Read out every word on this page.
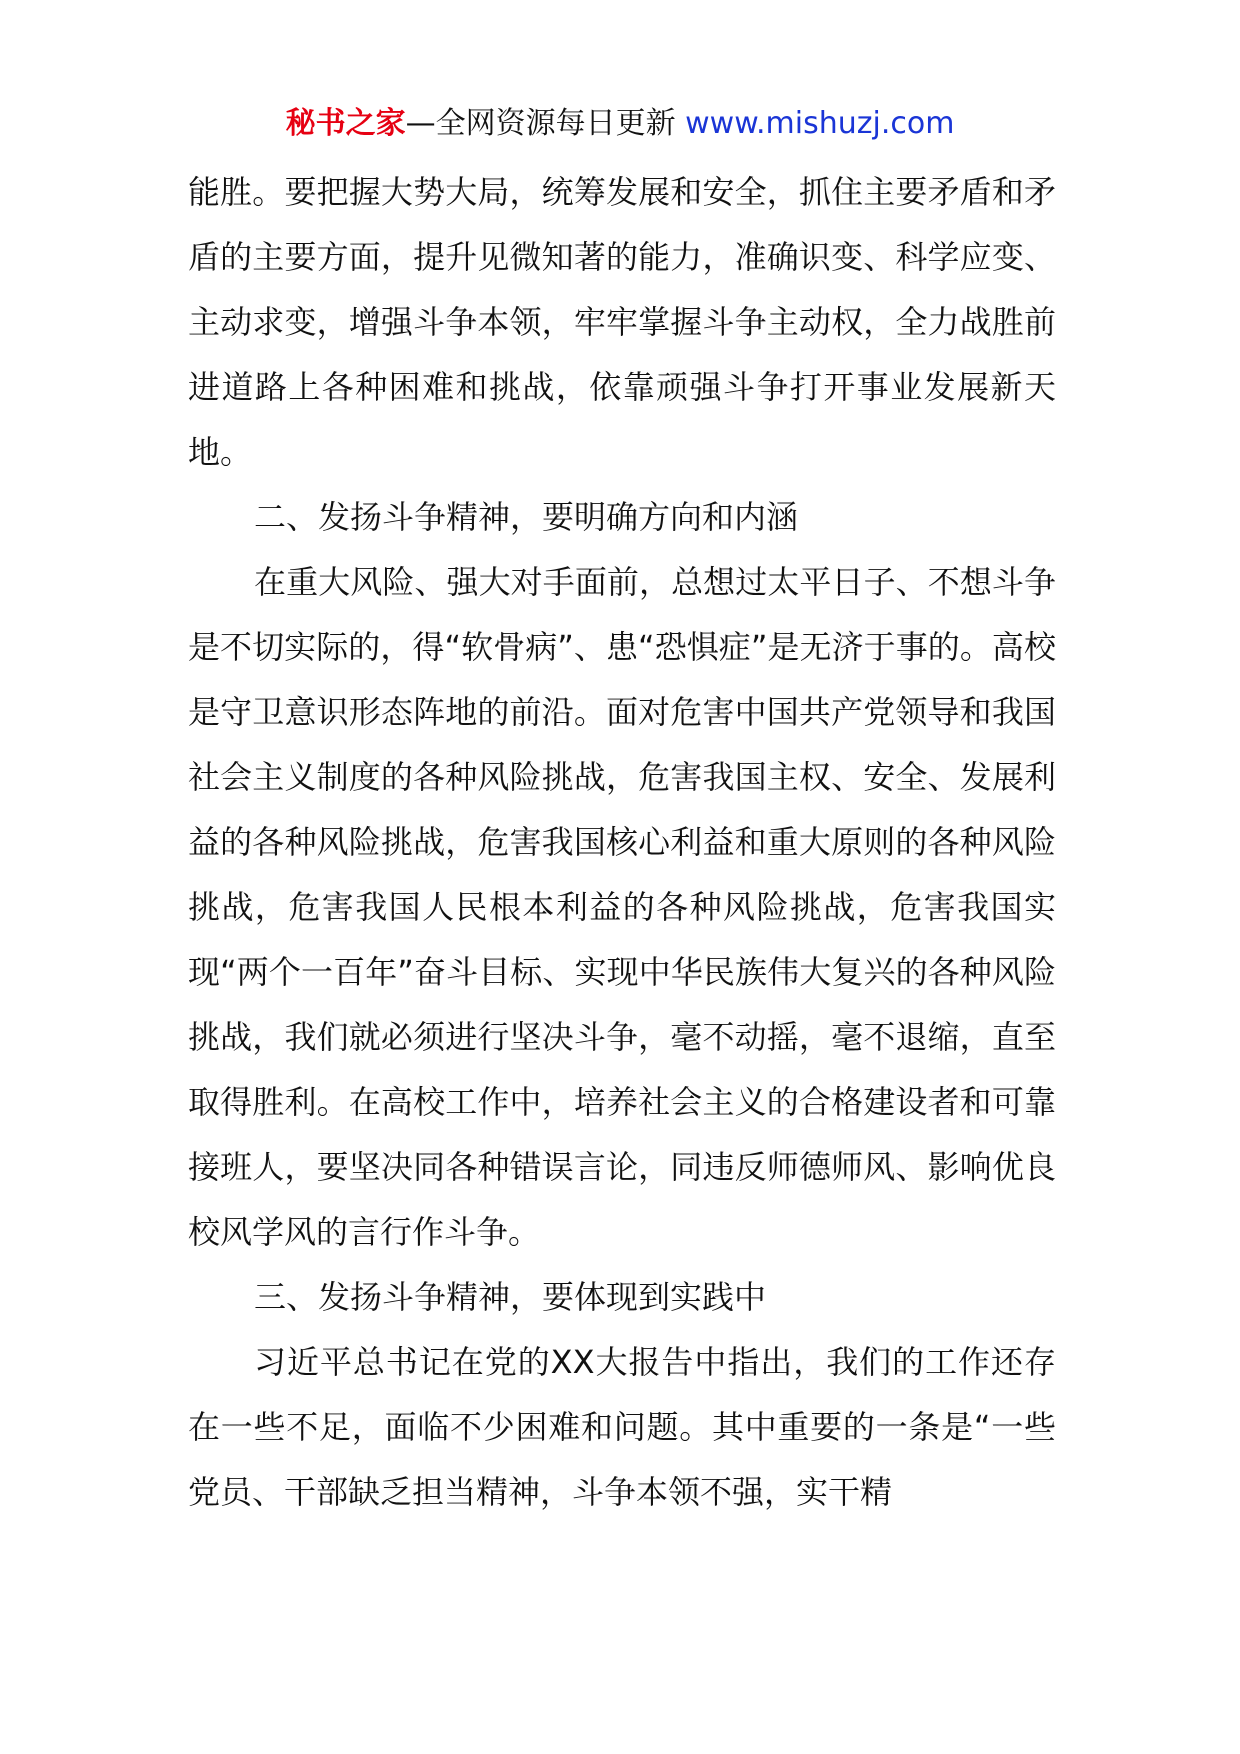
秘书之家—全网资源每日更新 www.mishuzj.com

能胜。要把握大势大局，统筹发展和安全，抓住主要矛盾和矛盾的主要方面，提升见微知著的能力，准确识变、科学应变、主动求变，增强斗争本领，牢牢掌握斗争主动权，全力战胜前进道路上各种困难和挑战，依靠顽强斗争打开事业发展新天地。

二、发扬斗争精神，要明确方向和内涵

在重大风险、强大对手面前，总想过太平日子、不想斗争是不切实际的，得“软骨病”、患“恐惧症”是无济于事的。高校是守卫意识形态阵地的前沿。面对危害中国共产党领导和我国社会主义制度的各种风险挑战，危害我国主权、安全、发展利益的各种风险挑战，危害我国核心利益和重大原则的各种风险挑战，危害我国人民根本利益的各种风险挑战，危害我国实现“两个一百年”奋斗目标、实现中华民族伟大复兴的各种风险挑战，我们就必须进行坚决斗争，毫不动摇，毫不退缩，直至取得胜利。在高校工作中，培养社会主义的合格建设者和可靠接班人，要坚决同各种错误言论，同违反师德师风、影响优良校风学风的言行作斗争。

三、发扬斗争精神，要体现到实践中

习近平总书记在党的XX大报告中指出，我们的工作还存在一些不足，面临不少困难和问题。其中重要的一条是“一些党员、干部缺乏担当精神，斗争本领不强，实干精
